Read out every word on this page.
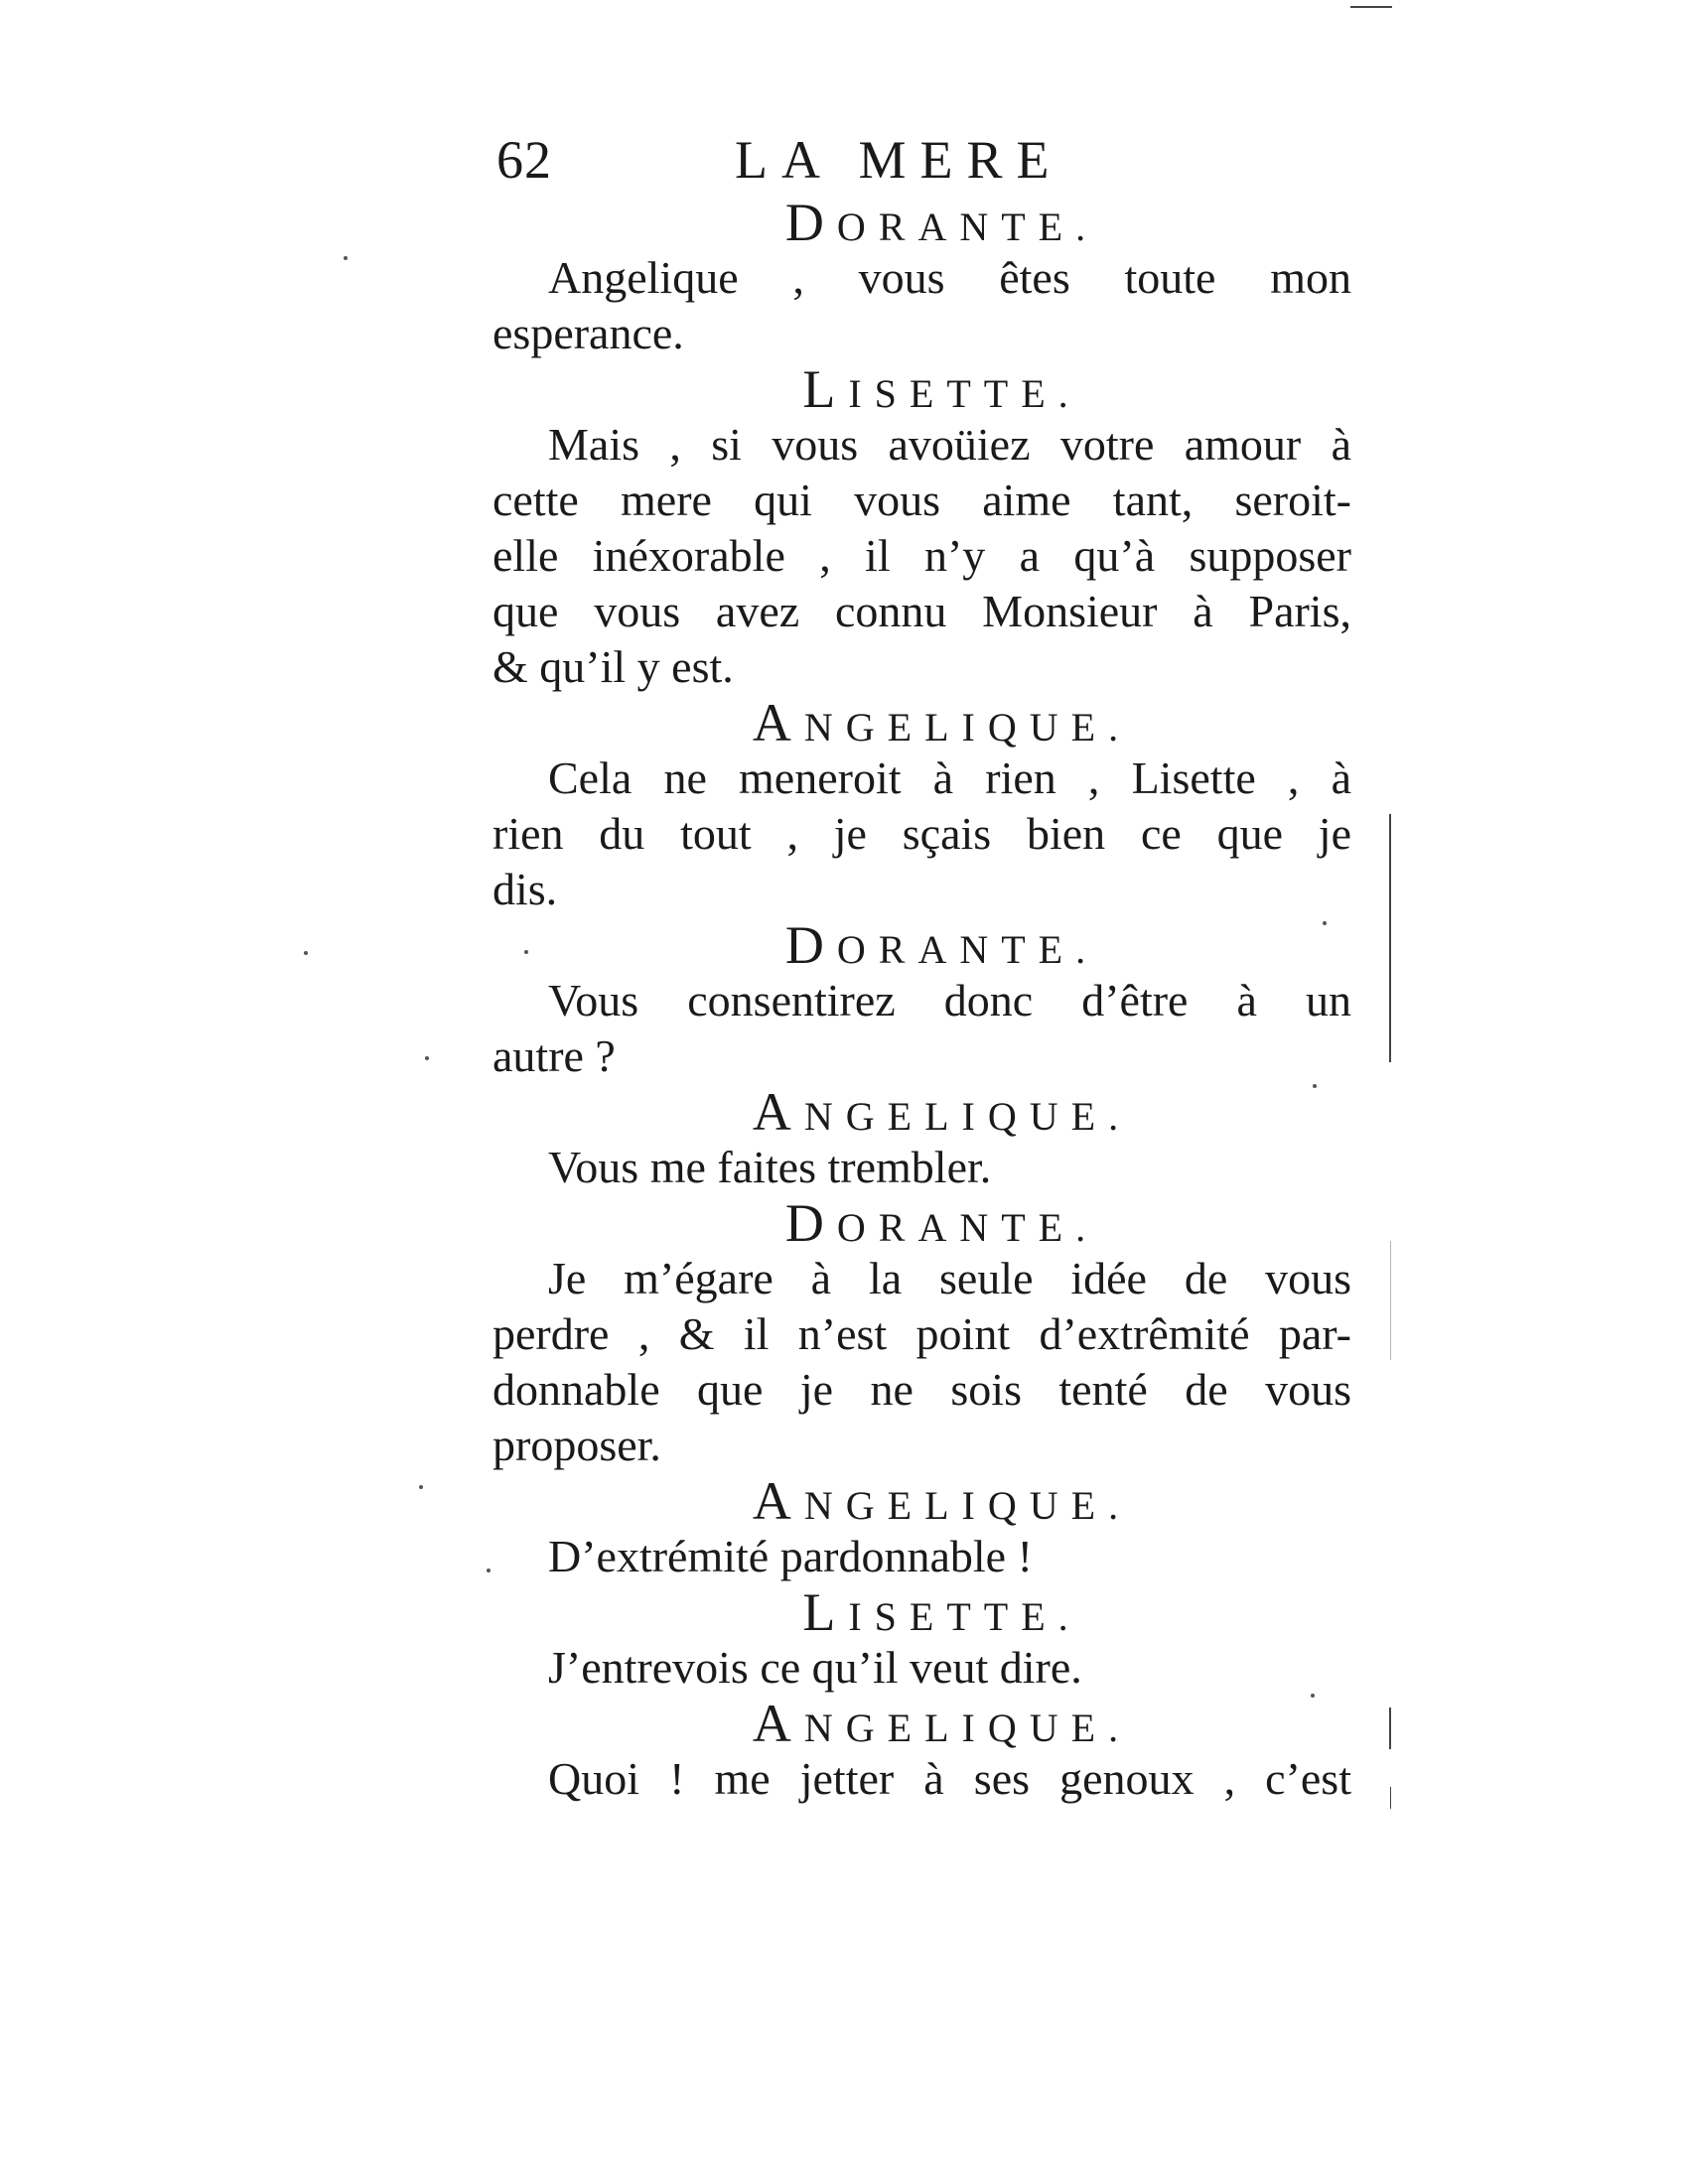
62	LA MERE
DORANTE.
Angelique , vous êtes toute mon
esperance.
LISETTE.
Mais , si vous avoüiez votre amour à
cette mere qui vous aime tant, seroit-
elle inéxorable , il n’y a qu’à supposer
que vous avez connu Monsieur à Paris,
& qu’il y est.
ANGELIQUE.
Cela ne meneroit à rien , Lisette , à
rien du tout , je sçais bien ce que je
dis.
DORANTE.
Vous consentirez donc d’être à un
autre ?
ANGELIQUE.
Vous me faites trembler.
DORANTE.
Je m’égare à la seule idée de vous
perdre , & il n’est point d’extrêmité par-
donnable que je ne sois tenté de vous
proposer.
ANGELIQUE.
D’extrémité pardonnable !
LISETTE.
J’entrevois ce qu’il veut dire.
ANGELIQUE.
Quoi ! me jetter à ses genoux , c’est
